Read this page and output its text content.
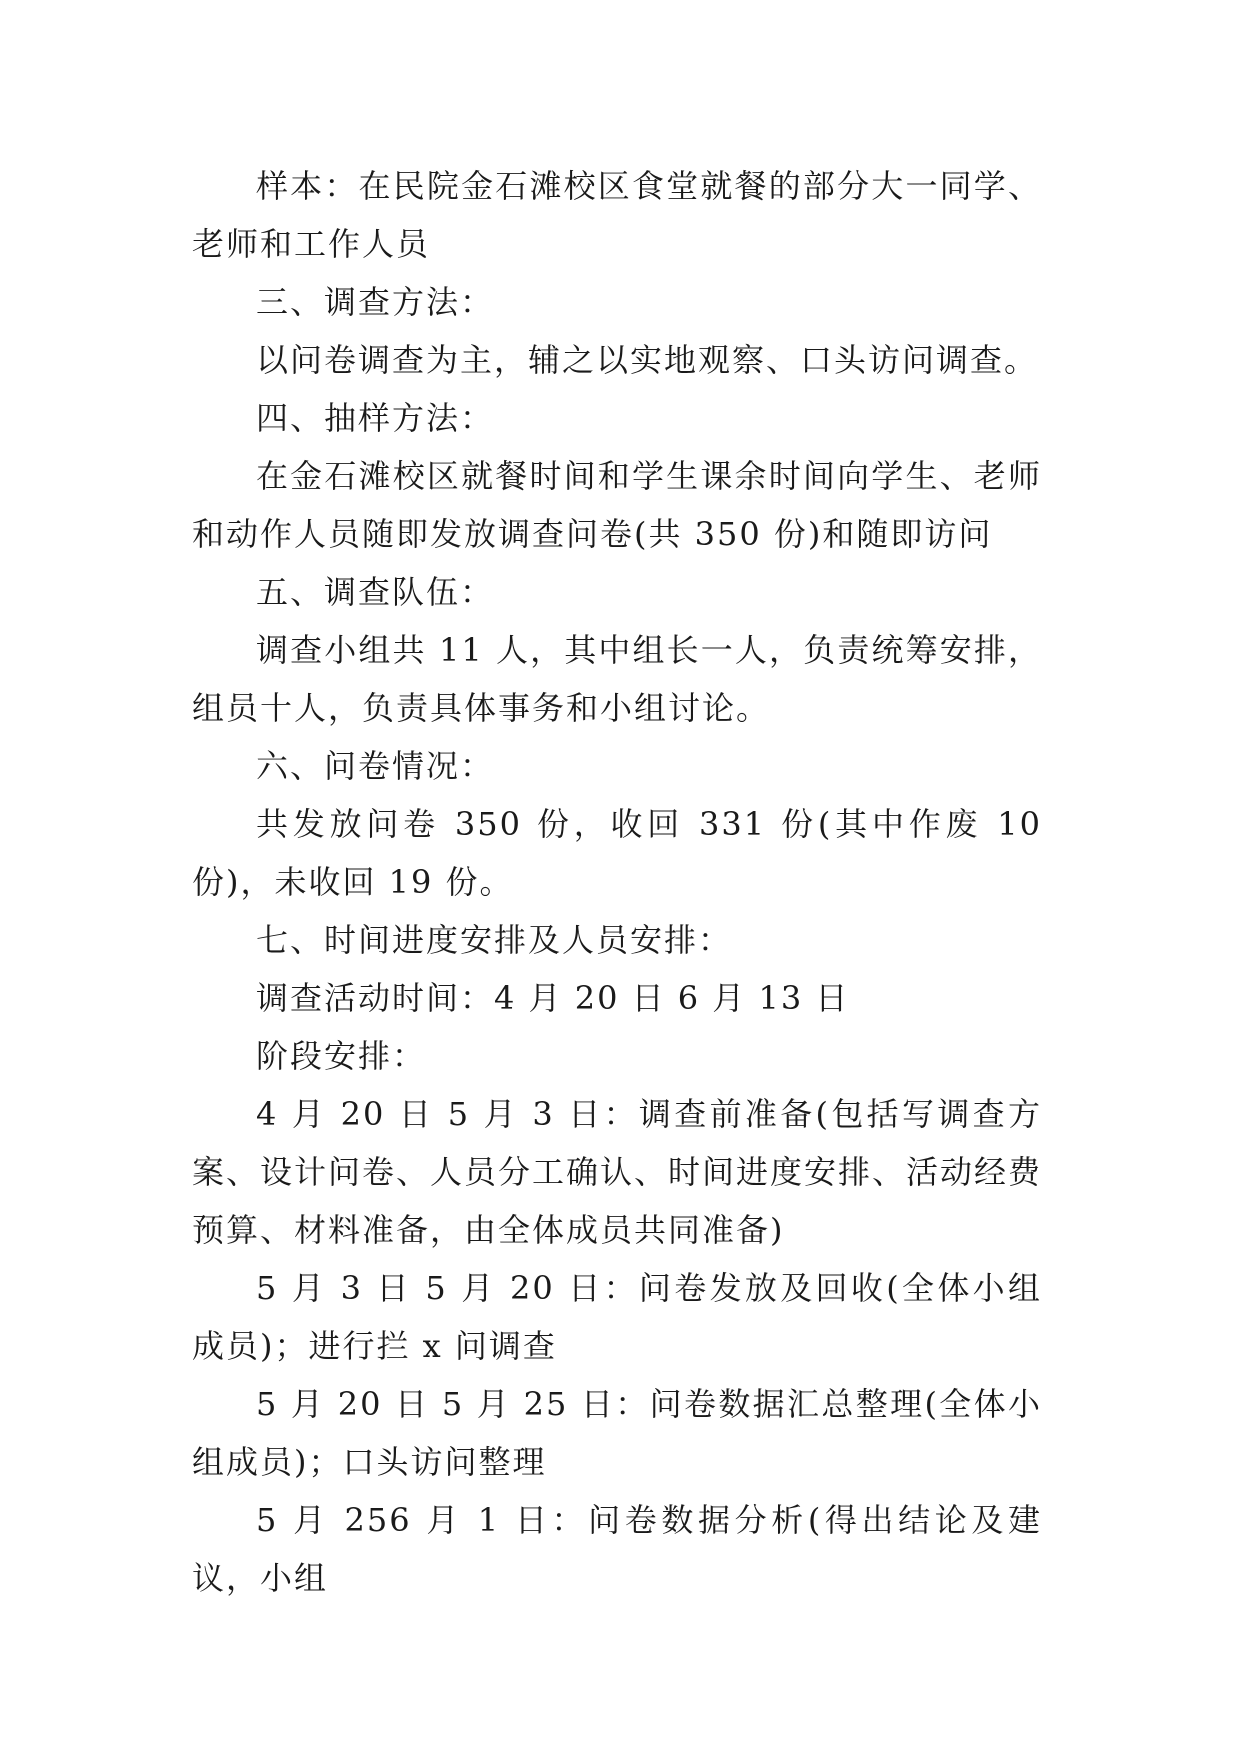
样本：在民院金石滩校区食堂就餐的部分大一同学、老师和工作人员

三、调查方法：

以问卷调查为主，辅之以实地观察、口头访问调查。

四、抽样方法：

在金石滩校区就餐时间和学生课余时间向学生、老师和动作人员随即发放调查问卷(共 350 份)和随即访问

五、调查队伍：

调查小组共 11 人，其中组长一人，负责统筹安排，组员十人，负责具体事务和小组讨论。

六、问卷情况：

共发放问卷 350 份，收回 331 份(其中作废 10 份)，未收回 19 份。

七、时间进度安排及人员安排：

调查活动时间：4 月 20 日 6 月 13 日

阶段安排：

4 月 20 日 5 月 3 日：调查前准备(包括写调查方案、设计问卷、人员分工确认、时间进度安排、活动经费预算、材料准备，由全体成员共同准备)

5 月 3 日 5 月 20 日：问卷发放及回收(全体小组成员)；进行拦 x 问调查

5 月 20 日 5 月 25 日：问卷数据汇总整理(全体小组成员)；口头访问整理

5 月 256 月 1 日：问卷数据分析(得出结论及建议，小组
